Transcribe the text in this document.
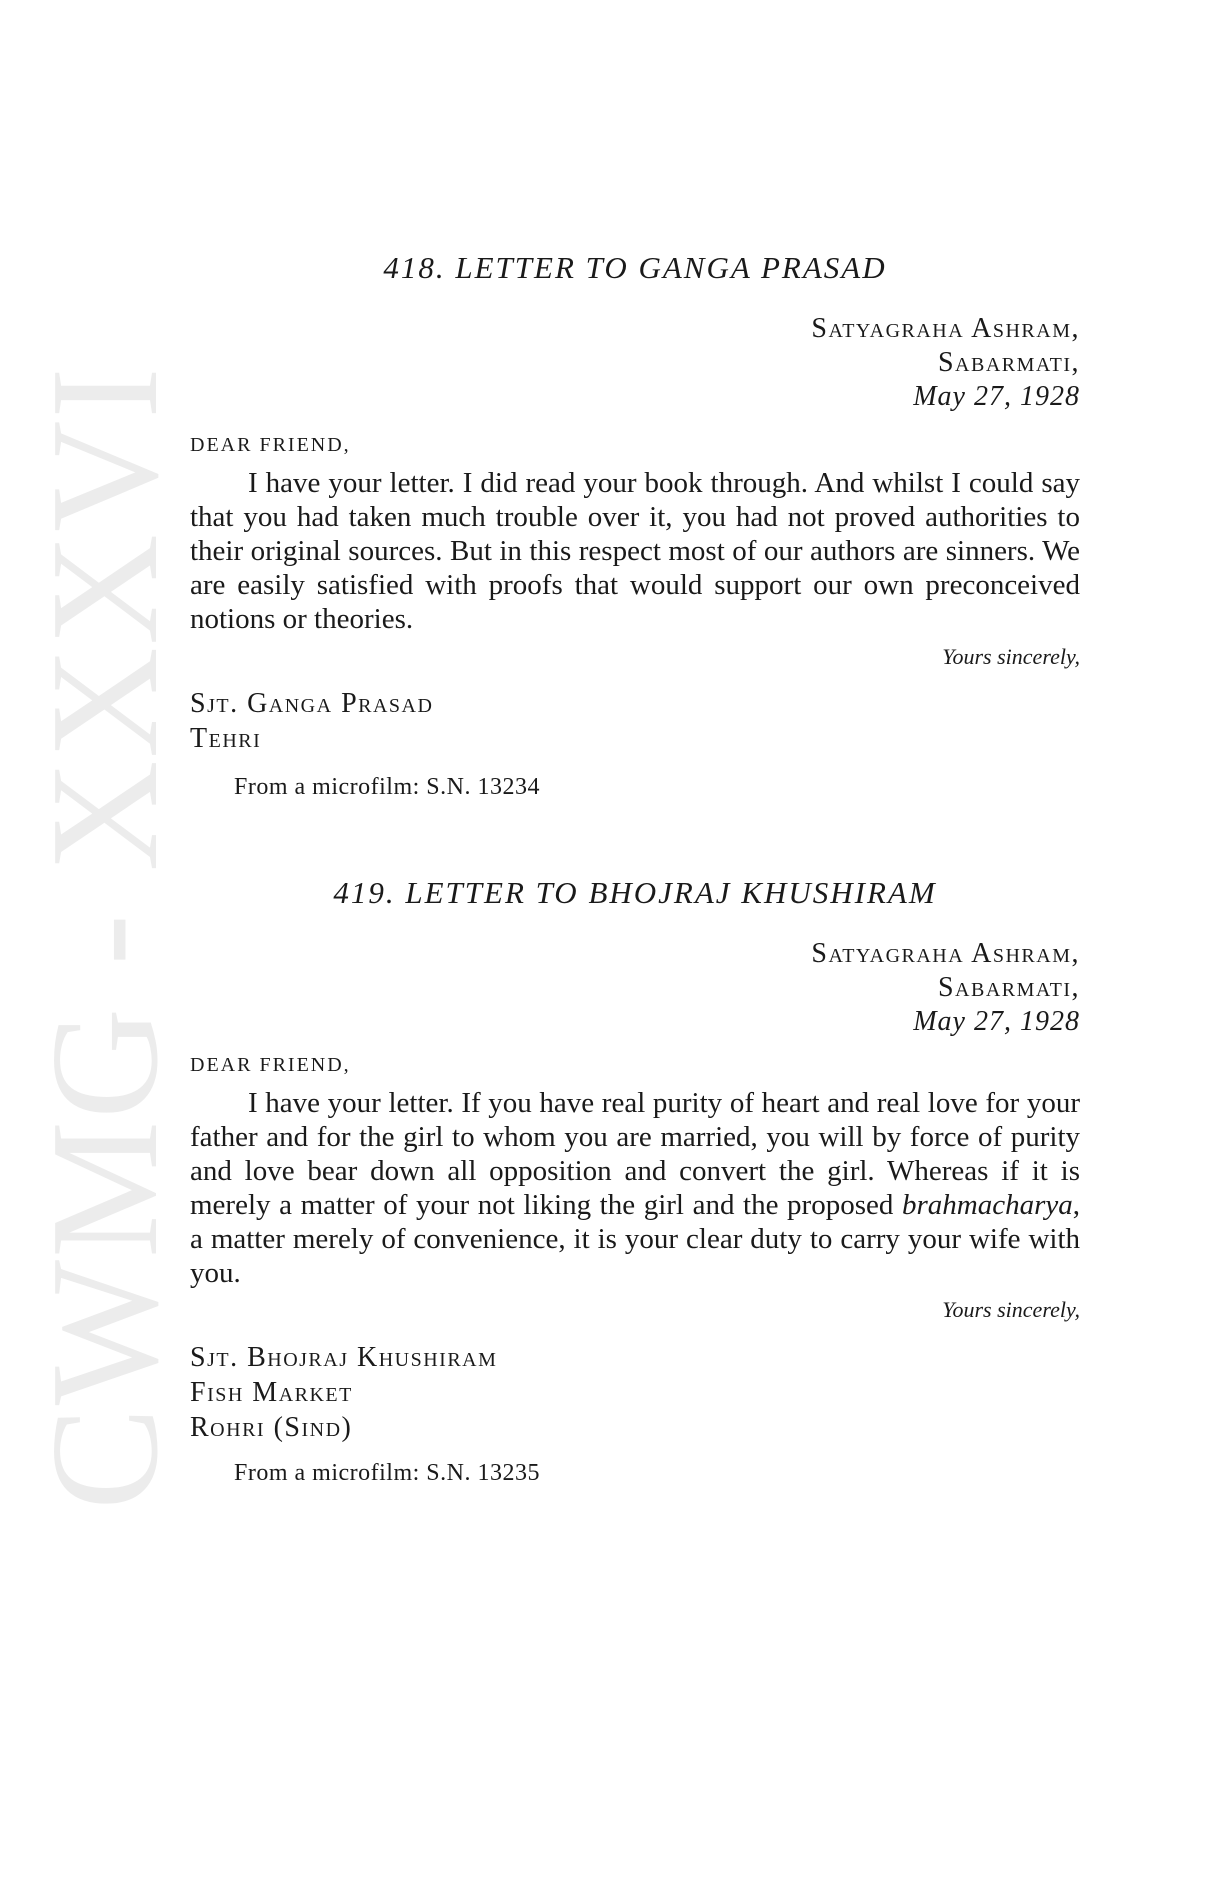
CWMG - XXXVI
418. LETTER TO GANGA PRASAD
Satyagraha Ashram,
Sabarmati,
May 27, 1928
DEAR FRIEND,

I have your letter. I did read your book through. And whilst I could say that you had taken much trouble over it, you had not proved authorities to their original sources. But in this respect most of our authors are sinners. We are easily satisfied with proofs that would support our own preconceived notions or theories.

Yours sincerely,
Sjt. Ganga Prasad
Tehri
From a microfilm: S.N. 13234
419. LETTER TO BHOJRAJ KHUSHIRAM
Satyagraha Ashram,
Sabarmati,
May 27, 1928
DEAR FRIEND,

I have your letter. If you have real purity of heart and real love for your father and for the girl to whom you are married, you will by force of purity and love bear down all opposition and convert the girl. Whereas if it is merely a matter of your not liking the girl and the proposed brahmacharya, a matter merely of convenience, it is your clear duty to carry your wife with you.

Yours sincerely,
Sjt. Bhojraj Khushiram
Fish Market
Rohri (Sind)
From a microfilm: S.N. 13235
